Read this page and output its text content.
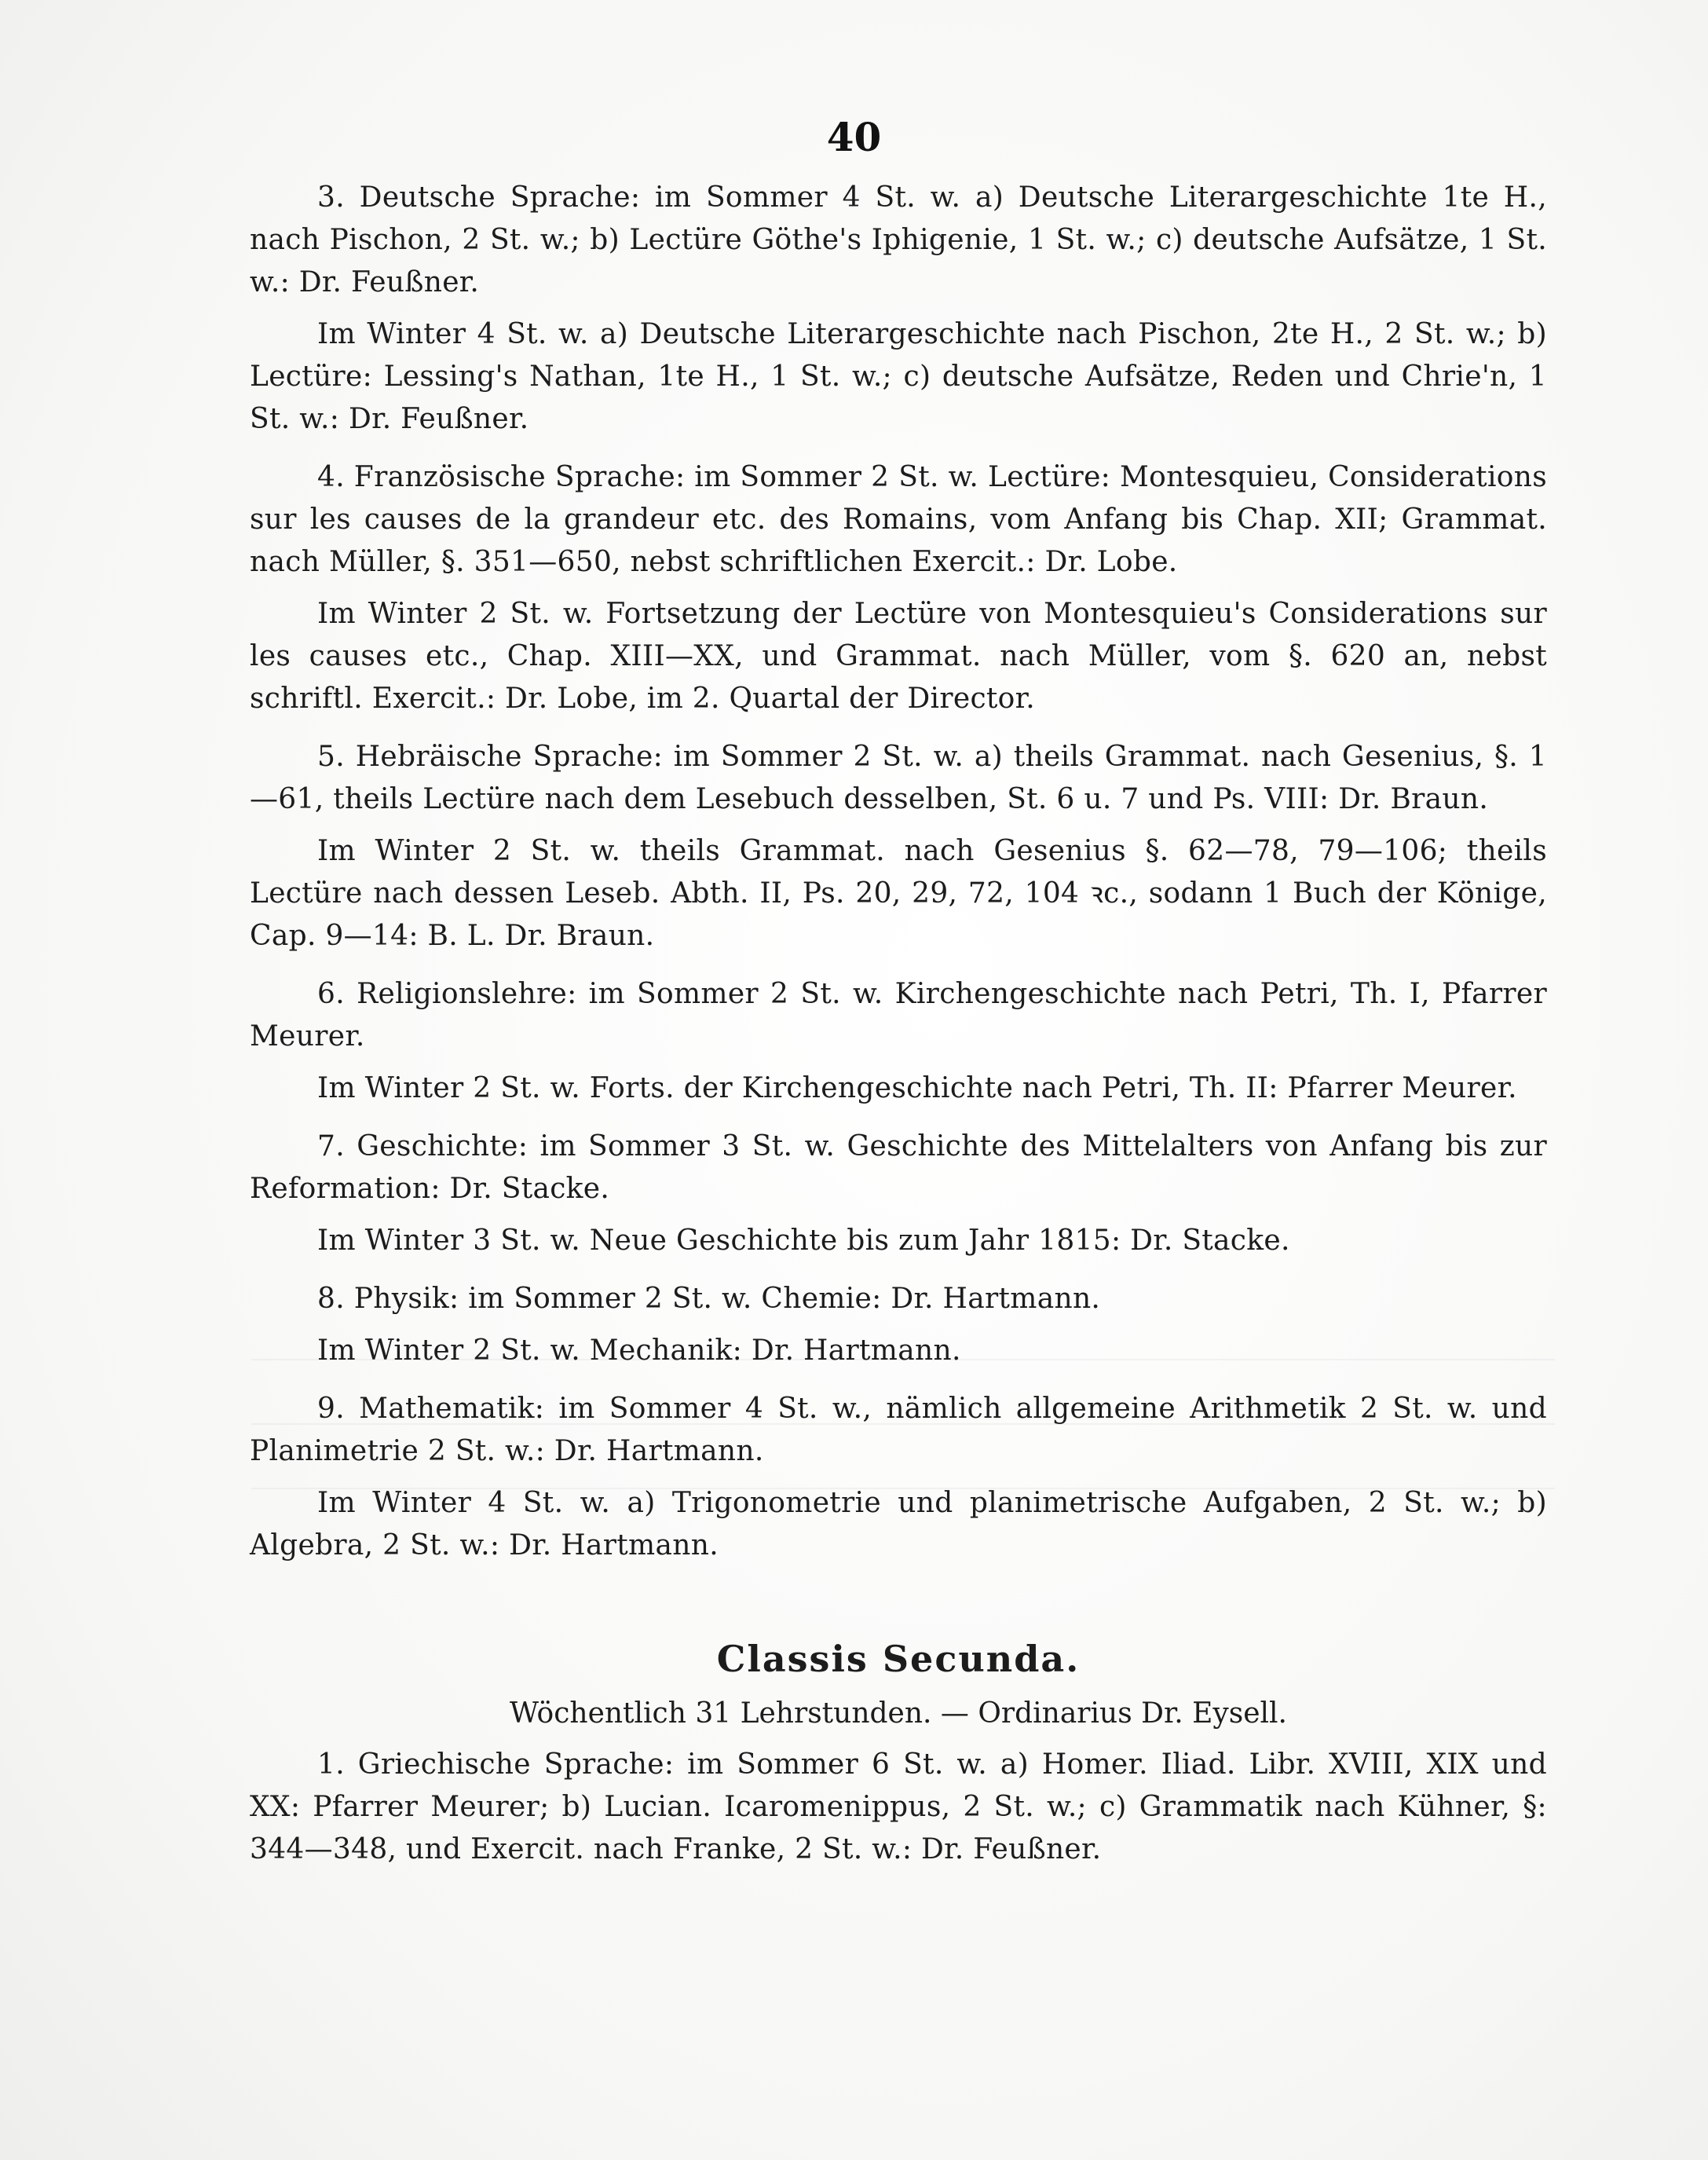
40

3. Deutsche Sprache: im Sommer 4 St. w. a) Deutsche Literargeschichte 1te H., nach Pischon, 2 St. w.; b) Lectüre Göthe's Iphigenie, 1 St. w.; c) deutsche Aufsätze, 1 St. w.: Dr. Feußner.

Im Winter 4 St. w. a) Deutsche Literargeschichte nach Pischon, 2te H., 2 St. w.; b) Lectüre: Lessing's Nathan, 1te H., 1 St. w.; c) deutsche Aufsätze, Reden und Chrie'n, 1 St. w.: Dr. Feußner.

4. Französische Sprache: im Sommer 2 St. w. Lectüre: Montesquieu, Considerations sur les causes de la grandeur etc. des Romains, vom Anfang bis Chap. XII; Grammat. nach Müller, §. 351—650, nebst schriftlichen Exercit.: Dr. Lobe.

Im Winter 2 St. w. Fortsetzung der Lectüre von Montesquieu's Considerations sur les causes etc., Chap. XIII—XX, und Grammat. nach Müller, vom §. 620 an, nebst schriftl. Exercit.: Dr. Lobe, im 2. Quartal der Director.

5. Hebräische Sprache: im Sommer 2 St. w. a) theils Grammat. nach Gesenius, §. 1—61, theils Lectüre nach dem Lesebuch desselben, St. 6 u. 7 und Ps. VIII: Dr. Braun.

Im Winter 2 St. w. theils Grammat. nach Gesenius §. 62—78, 79—106; theils Lectüre nach dessen Leseb. Abth. II, Ps. 20, 29, 72, 104 ꝛc., sodann 1 Buch der Könige, Cap. 9—14: B. L. Dr. Braun.

6. Religionslehre: im Sommer 2 St. w. Kirchengeschichte nach Petri, Th. I, Pfarrer Meurer.

Im Winter 2 St. w. Forts. der Kirchengeschichte nach Petri, Th. II: Pfarrer Meurer.

7. Geschichte: im Sommer 3 St. w. Geschichte des Mittelalters von Anfang bis zur Reformation: Dr. Stacke.

Im Winter 3 St. w. Neue Geschichte bis zum Jahr 1815: Dr. Stacke.

8. Physik: im Sommer 2 St. w. Chemie: Dr. Hartmann.

Im Winter 2 St. w. Mechanik: Dr. Hartmann.

9. Mathematik: im Sommer 4 St. w., nämlich allgemeine Arithmetik 2 St. w. und Planimetrie 2 St. w.: Dr. Hartmann.

Im Winter 4 St. w. a) Trigonometrie und planimetrische Aufgaben, 2 St. w.; b) Algebra, 2 St. w.: Dr. Hartmann.

Classis Secunda.
Wöchentlich 31 Lehrstunden. — Ordinarius Dr. Eysell.

1. Griechische Sprache: im Sommer 6 St. w. a) Homer. Iliad. Libr. XVIII, XIX und XX: Pfarrer Meurer; b) Lucian. Icaromenippus, 2 St. w.; c) Grammatik nach Kühner, §: 344—348, und Exercit. nach Franke, 2 St. w.: Dr. Feußner.
